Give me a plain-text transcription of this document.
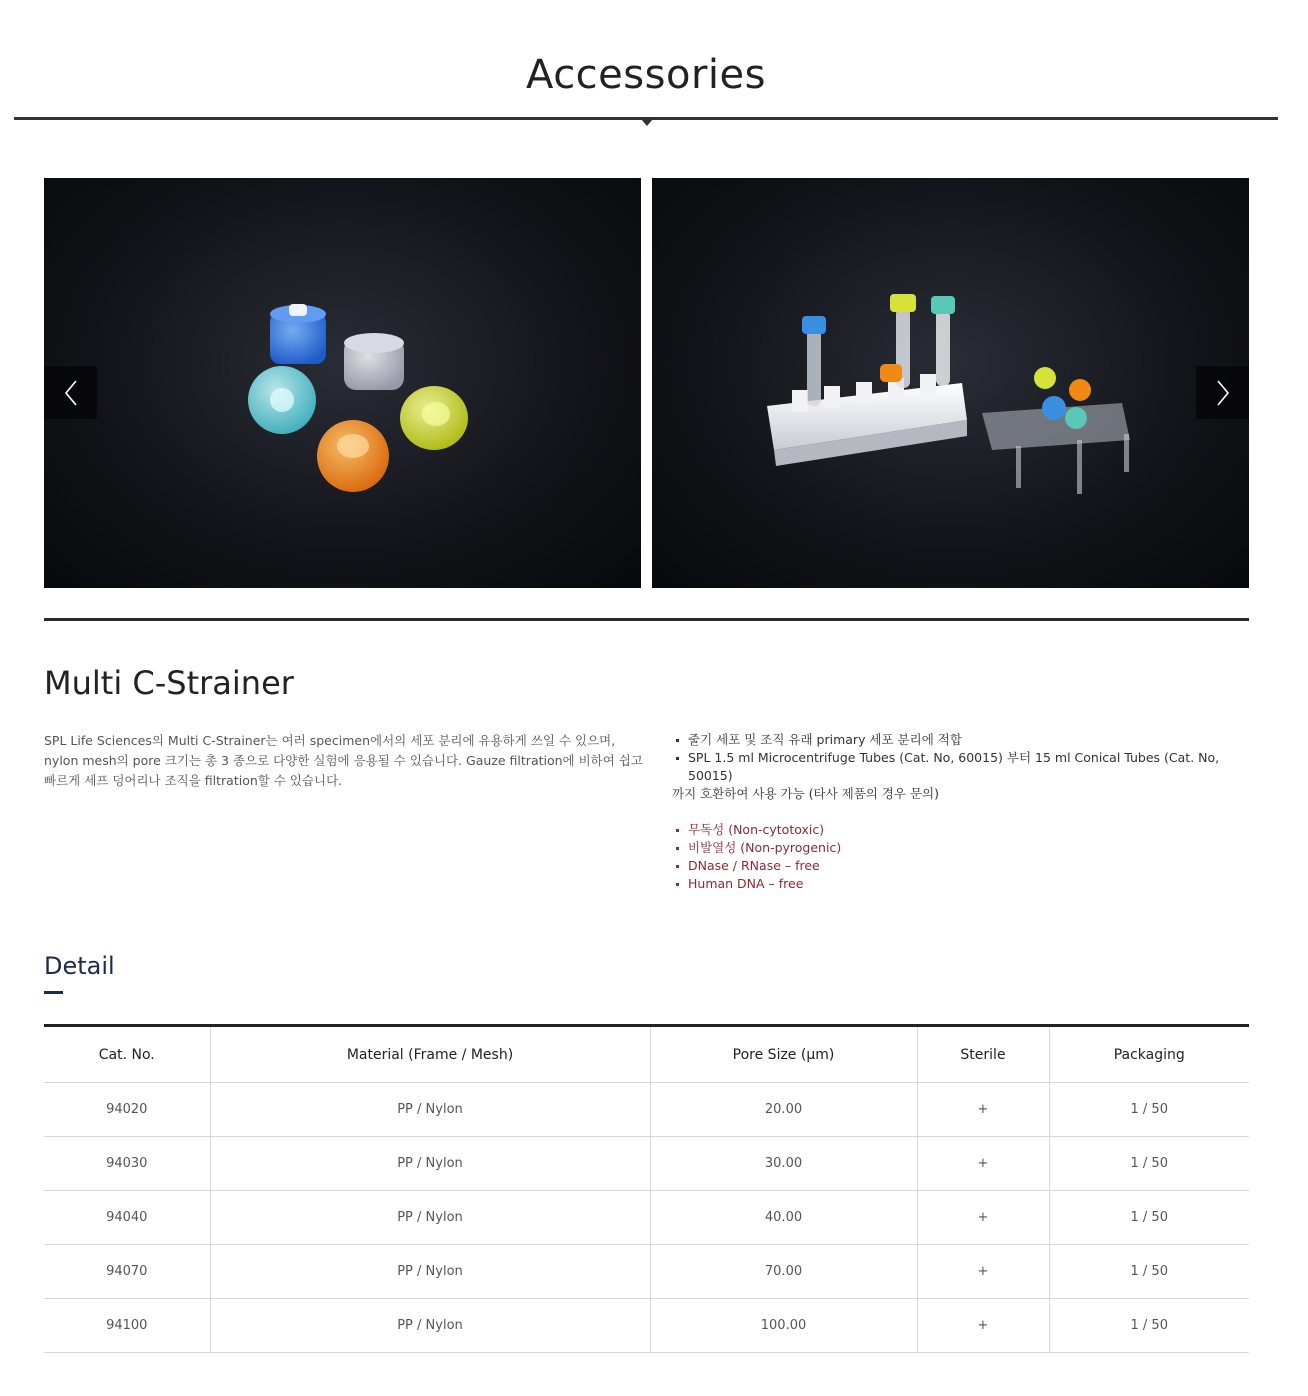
Accessories
Multi C-Strainer

SPL Life Sciences의 Multi C-Strainer는 여러 specimen에서의 세포 분리에 유용하게 쓰일 수 있으며, nylon mesh의 pore 크기는 총 3 종으로 다양한 실험에 응용될 수 있습니다. Gauze filtration에 비하여 쉽고 빠르게 세프 덩어리나 조직을 filtration할 수 있습니다.

줄기 세포 및 조직 유래 primary 세포 분리에 적합
SPL 1.5 ml Microcentrifuge Tubes (Cat. No, 60015) 부터 15 ml Conical Tubes (Cat. No, 50015)
까지 호환하여 사용 가능 (타사 제품의 경우 문의)
무독성 (Non-cytotoxic)
비발열성 (Non-pyrogenic)
DNase / RNase – free
Human DNA – free
Detail
Cat. No.	Material (Frame / Mesh)	Pore Size (μm)	Sterile	Packaging
94020	PP / Nylon	20.00	+	1 / 50
94030	PP / Nylon	30.00	+	1 / 50
94040	PP / Nylon	40.00	+	1 / 50
94070	PP / Nylon	70.00	+	1 / 50
94100	PP / Nylon	100.00	+	1 / 50
